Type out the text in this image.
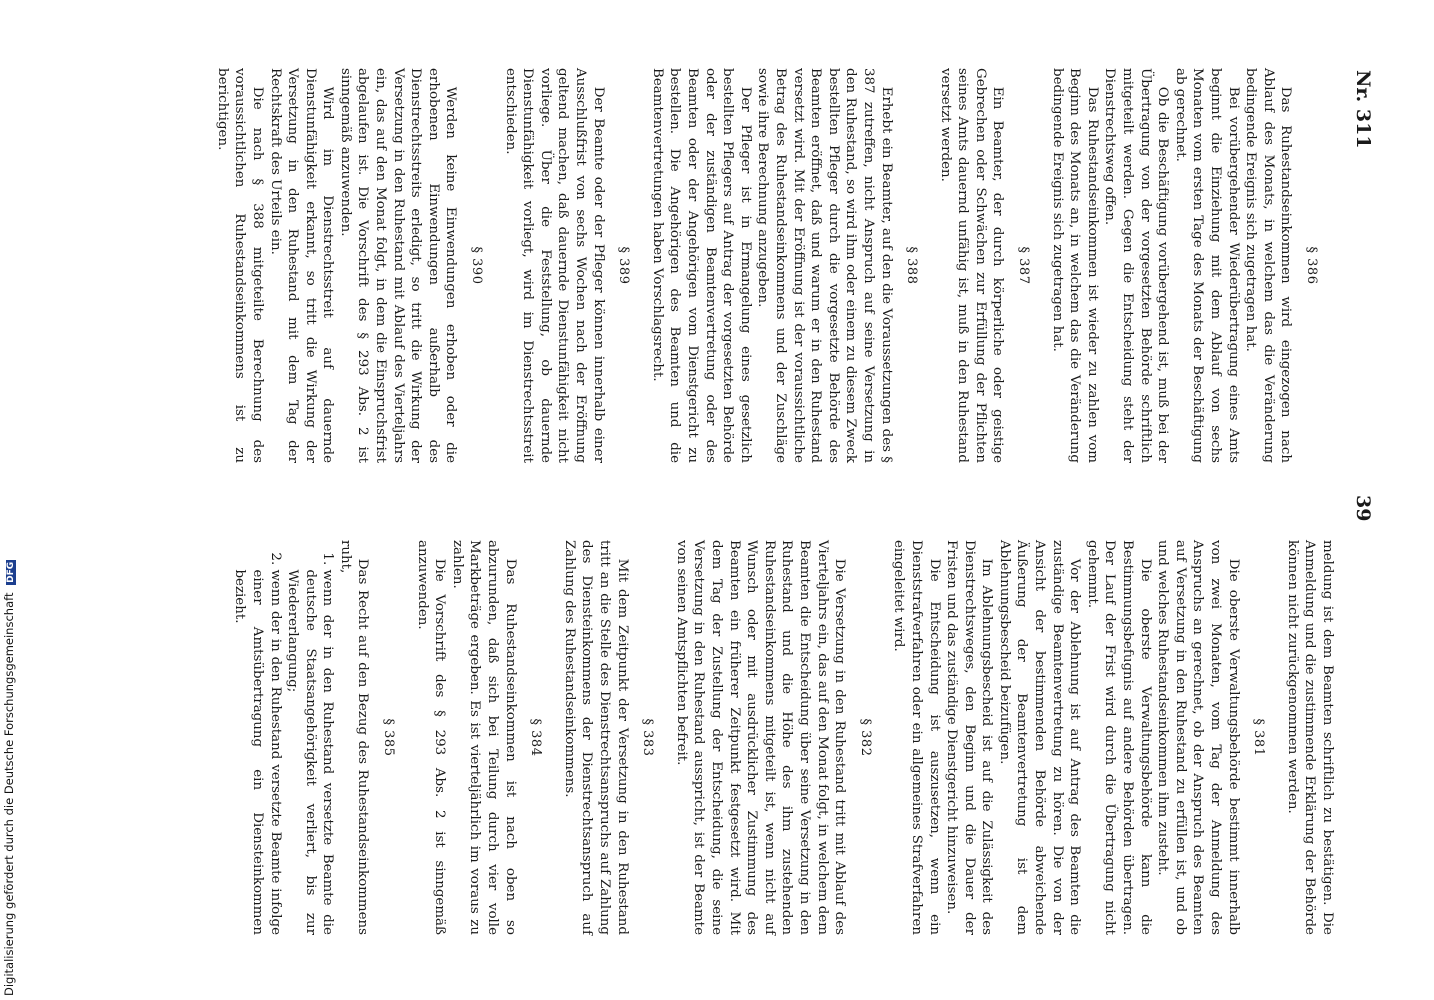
Nr. 311
39
§ 386

Das Ruhestandseinkommen wird eingezogen nach Ablauf des Monats, in welchem das die Veränderung bedingende Ereignis sich zugetragen hat.

Bei vorübergehender Wiederübertragung eines Amts beginnt die Einziehung mit dem Ablauf von sechs Monaten vom ersten Tage des Monats der Beschäftigung ab gerechnet.

Ob die Beschäftigung vorübergehend ist, muß bei der Übertragung von der vorgesetzten Behörde schriftlich mitgeteilt werden. Gegen die Entscheidung steht der Dienstrechtsweg offen.

Das Ruhestandseinkommen ist wieder zu zahlen vom Beginn des Monats an, in welchem das die Veränderung bedingende Ereignis sich zugetragen hat.

§ 387

Ein Beamter, der durch körperliche oder geistige Gebrechen oder Schwächen zur Erfüllung der Pflichten seines Amts dauernd unfähig ist, muß in den Ruhestand versetzt werden.

§ 388

Erhebt ein Beamter, auf den die Voraussetzungen des § 387 zutreffen, nicht Anspruch auf seine Versetzung in den Ruhestand, so wird ihm oder einem zu diesem Zweck bestellten Pfleger durch die vorgesetzte Behörde des Beamten eröffnet, daß und warum er in den Ruhestand versetzt wird. Mit der Eröffnung ist der voraussichtliche Betrag des Ruhestandseinkommens und der Zuschläge sowie ihre Berechnung anzugeben.

Der Pfleger ist in Ermangelung eines gesetzlich bestellten Pflegers auf Antrag der vorgesetzten Behörde oder der zuständigen Beamtenvertretung oder des Beamten oder der Angehörigen vom Dienstgericht zu bestellen. Die Angehörigen des Beamten und die Beamtenvertretungen haben Vorschlagsrecht.

§ 389

Der Beamte oder der Pfleger können innerhalb einer Ausschlußfrist von sechs Wochen nach der Eröffnung geltend machen, daß dauernde Dienstunfähigkeit nicht vorliege. Über die Feststellung, ob dauernde Dienstunfähigkeit vorliegt, wird im Dienstrechtsstreit entschieden.

§ 390

Werden keine Einwendungen erhoben oder die erhobenen Einwendungen außerhalb des Dienstrechtsstreits erledigt, so tritt die Wirkung der Versetzung in den Ruhestand mit Ablauf des Vierteljahrs ein, das auf den Monat folgt, in dem die Einspruchsfrist abgelaufen ist. Die Vorschrift des § 293 Abs. 2 ist sinngemäß anzuwenden.

Wird im Dienstrechtsstreit auf dauernde Dienstunfähigkeit erkannt, so tritt die Wirkung der Versetzung in den Ruhestand mit dem Tag der Rechtskraft des Urteils ein.

Die nach § 388 mitgeteilte Berechnung des voraussichtlichen Ruhestandseinkommens ist zu berichtigen.

meldung ist dem Beamten schriftlich zu bestätigen. Die Anmeldung und die zustimmende Erklärung der Behörde können nicht zurückgenommen werden.

§ 381

Die oberste Verwaltungsbehörde bestimmt innerhalb von zwei Monaten, vom Tag der Anmeldung des Anspruchs an gerechnet, ob der Anspruch des Beamten auf Versetzung in den Ruhestand zu erfüllen ist, und ob und welches Ruhestandseinkommen ihm zusteht.

Die oberste Verwaltungsbehörde kann die Bestimmungsbefugnis auf andere Behörden übertragen. Der Lauf der Frist wird durch die Übertragung nicht gehemmt.

Vor der Ablehnung ist auf Antrag des Beamten die zuständige Beamtenvertretung zu hören. Die von der Ansicht der bestimmenden Behörde abweichende Äußerung der Beamtenvertretung ist dem Ablehnungsbescheid beizufügen.

Im Ablehnungsbescheid ist auf die Zulässigkeit des Dienstrechtsweges, den Beginn und die Dauer der Fristen und das zuständige Dienstgericht hinzuweisen.

Die Entscheidung ist auszusetzen, wenn ein Dienststrafverfahren oder ein allgemeines Strafverfahren eingeleitet wird.

§ 382

Die Versetzung in den Ruhestand tritt mit Ablauf des Vierteljahrs ein, das auf den Monat folgt, in welchem dem Beamten die Entscheidung über seine Versetzung in den Ruhestand und die Höhe des ihm zustehenden Ruhestandseinkommens mitgeteilt ist, wenn nicht auf Wunsch oder mit ausdrücklicher Zustimmung des Beamten ein früherer Zeitpunkt festgesetzt wird. Mit dem Tag der Zustellung der Entscheidung, die seine Versetzung in den Ruhestand ausspricht, ist der Beamte von seinen Amtspflichten befreit.

§ 383

Mit dem Zeitpunkt der Versetzung in den Ruhestand tritt an die Stelle des Dienstrechtsanspruchs auf Zahlung des Diensteinkommens der Dienstrechtsanspruch auf Zahlung des Ruhestandseinkommens.

§ 384

Das Ruhestandseinkommen ist nach oben so abzurunden, daß sich bei Teilung durch vier volle Markbeträge ergeben. Es ist vierteljährlich im voraus zu zahlen.

Die Vorschrift des § 293 Abs. 2 ist sinngemäß anzuwenden.

§ 385

Das Recht auf den Bezug des Ruhestandseinkommens ruht,

1. wenn der in den Ruhestand versetzte Beamte die deutsche Staatsangehörigkeit verliert, bis zur Wiedererlangung;
2. wenn der in den Ruhestand versetzte Beamte infolge einer Amtsübertragung ein Diensteinkommen bezieht.
Digitalisierung gefördert durch die Deutsche Forschungsgemeinschaft DFG
